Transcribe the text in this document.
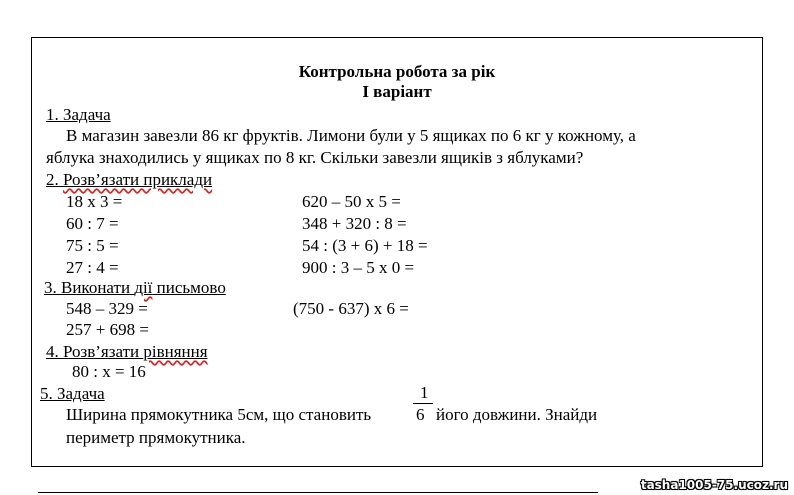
Контрольна робота за рік
І варіант
1. Задача
В магазин завезли 86 кг фруктів. Лимони були у 5 ящиках по 6 кг у кожному, а
яблука знаходились у ящиках по 8 кг. Скільки завезли ящиків з яблуками?
2. Розв’язати приклади
18 х 3 =
60 : 7 =
75 : 5 =
27 : 4 =
620 – 50 х 5 =
348 + 320 : 8 =
54 : (3 + 6) + 18 =
900 : 3 – 5 х 0 =
3. Виконати дії письмово
548 – 329 =
257 + 698 =
(750 - 637) х 6 =
4. Розв’язати рівняння
80 : х = 16
5. Задача	1
Ширина прямокутника 5см, що становить	6 його довжини. Знайди
периметр прямокутника.
tasha1005-75.ucoz.ru
